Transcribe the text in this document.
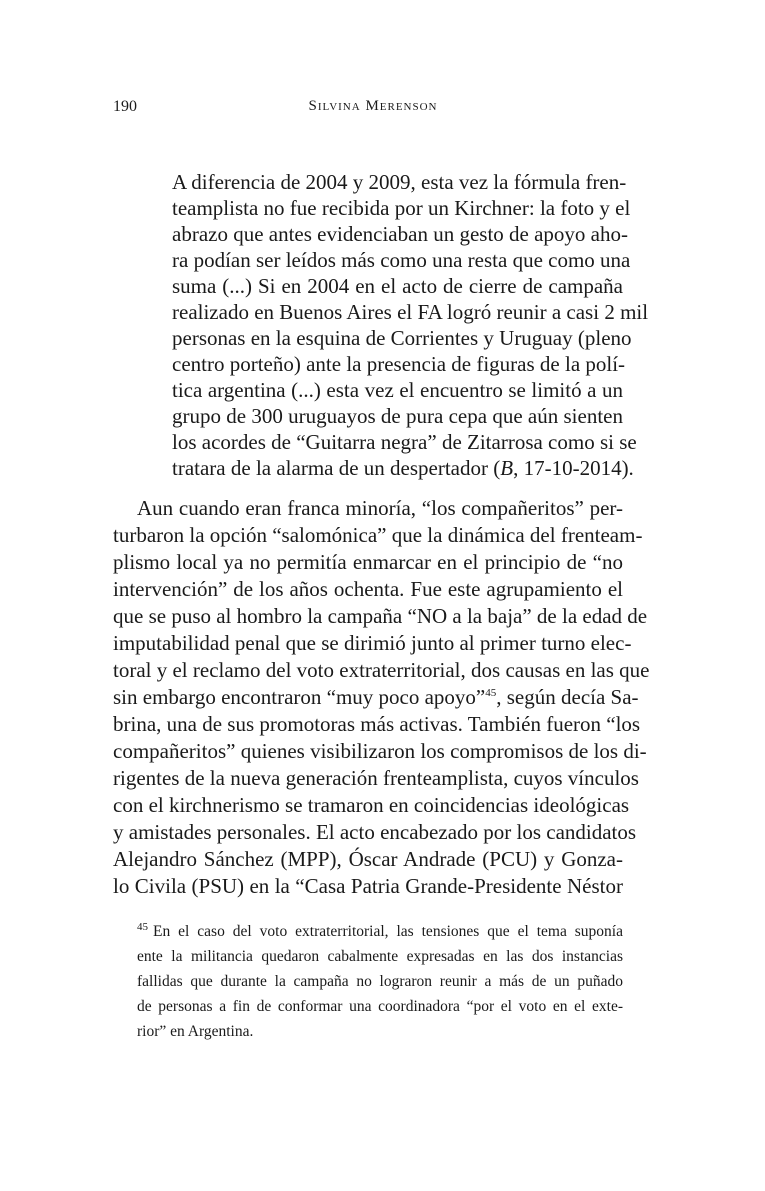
190	Silvina Merenson
A diferencia de 2004 y 2009, esta vez la fórmula fren-
teamplista no fue recibida por un Kirchner: la foto y el
abrazo que antes evidenciaban un gesto de apoyo aho-
ra podían ser leídos más como una resta que como una
suma (...) Si en 2004 en el acto de cierre de campaña
realizado en Buenos Aires el FA logró reunir a casi 2 mil
personas en la esquina de Corrientes y Uruguay (pleno
centro porteño) ante la presencia de figuras de la polí-
tica argentina (...) esta vez el encuentro se limitó a un
grupo de 300 uruguayos de pura cepa que aún sienten
los acordes de “Guitarra negra” de Zitarrosa como si se
tratara de la alarma de un despertador (B, 17-10-2014).
Aun cuando eran franca minoría, “los compañeritos” per-
turbaron la opción “salomónica” que la dinámica del frenteam-
plismo local ya no permitía enmarcar en el principio de “no
intervención” de los años ochenta. Fue este agrupamiento el
que se puso al hombro la campaña “NO a la baja” de la edad de
imputabilidad penal que se dirimió junto al primer turno elec-
toral y el reclamo del voto extraterritorial, dos causas en las que
sin embargo encontraron “muy poco apoyo”$^{45}$, según decía Sa-
brina, una de sus promotoras más activas. También fueron “los
compañeritos” quienes visibilizaron los compromisos de los di-
rigentes de la nueva generación frenteamplista, cuyos vínculos
con el kirchnerismo se tramaron en coincidencias ideológicas
y amistades personales. El acto encabezado por los candidatos
Alejandro Sánchez (MPP), Óscar Andrade (PCU) y Gonza-
lo Civila (PSU) en la “Casa Patria Grande-Presidente Néstor
$^{45}$ En el caso del voto extraterritorial, las tensiones que el tema suponía
ente la militancia quedaron cabalmente expresadas en las dos instancias
fallidas que durante la campaña no lograron reunir a más de un puñado
de personas a fin de conformar una coordinadora “por el voto en el exte-
rior” en Argentina.
